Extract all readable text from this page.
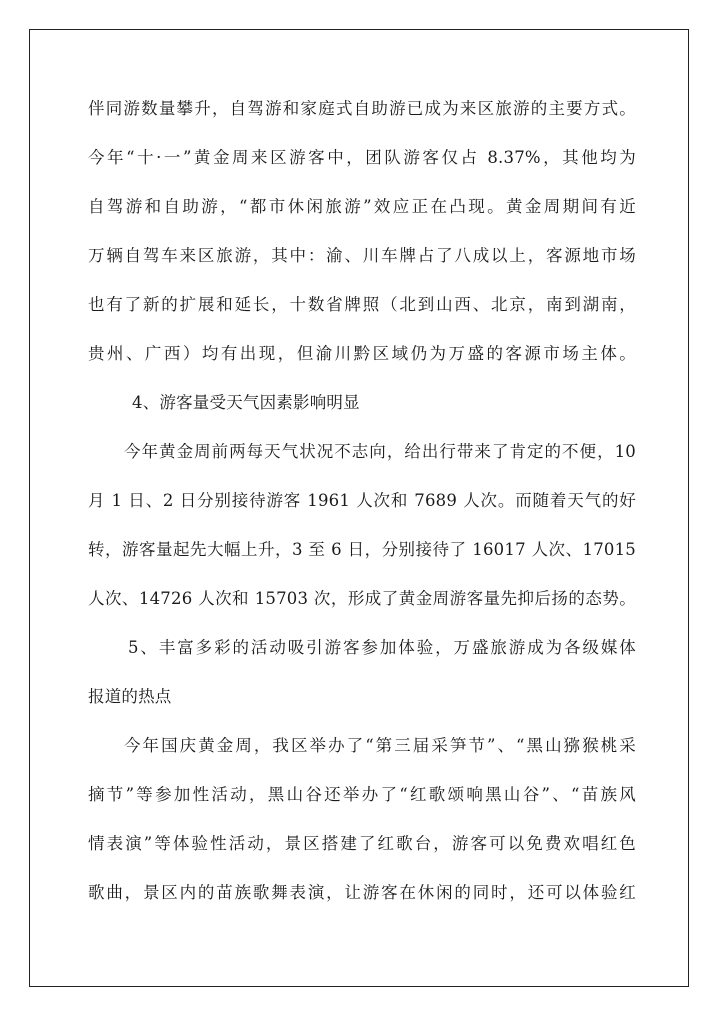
伴同游数量攀升，自驾游和家庭式自助游已成为来区旅游的主要方式。
今年“十·一”黄金周来区游客中，团队游客仅占 8.37%，其他均为
自驾游和自助游，“都市休闲旅游”效应正在凸现。黄金周期间有近
万辆自驾车来区旅游，其中：渝、川车牌占了八成以上，客源地市场
也有了新的扩展和延长，十数省牌照（北到山西、北京，南到湖南，
贵州、广西）均有出现，但渝川黔区域仍为万盛的客源市场主体。
4、游客量受天气因素影响明显
今年黄金周前两每天气状况不志向，给出行带来了肯定的不便，10
月 1 日、2 日分别接待游客 1961 人次和 7689 人次。而随着天气的好
转，游客量起先大幅上升，3 至 6 日，分别接待了 16017 人次、17015
人次、14726 人次和 15703 次，形成了黄金周游客量先抑后扬的态势。
5、丰富多彩的活动吸引游客参加体验，万盛旅游成为各级媒体
报道的热点
今年国庆黄金周，我区举办了“第三届采笋节”、“黑山猕猴桃采
摘节”等参加性活动，黑山谷还举办了“红歌颂响黑山谷”、“苗族风
情表演”等体验性活动，景区搭建了红歌台，游客可以免费欢唱红色
歌曲，景区内的苗族歌舞表演，让游客在休闲的同时，还可以体验红
